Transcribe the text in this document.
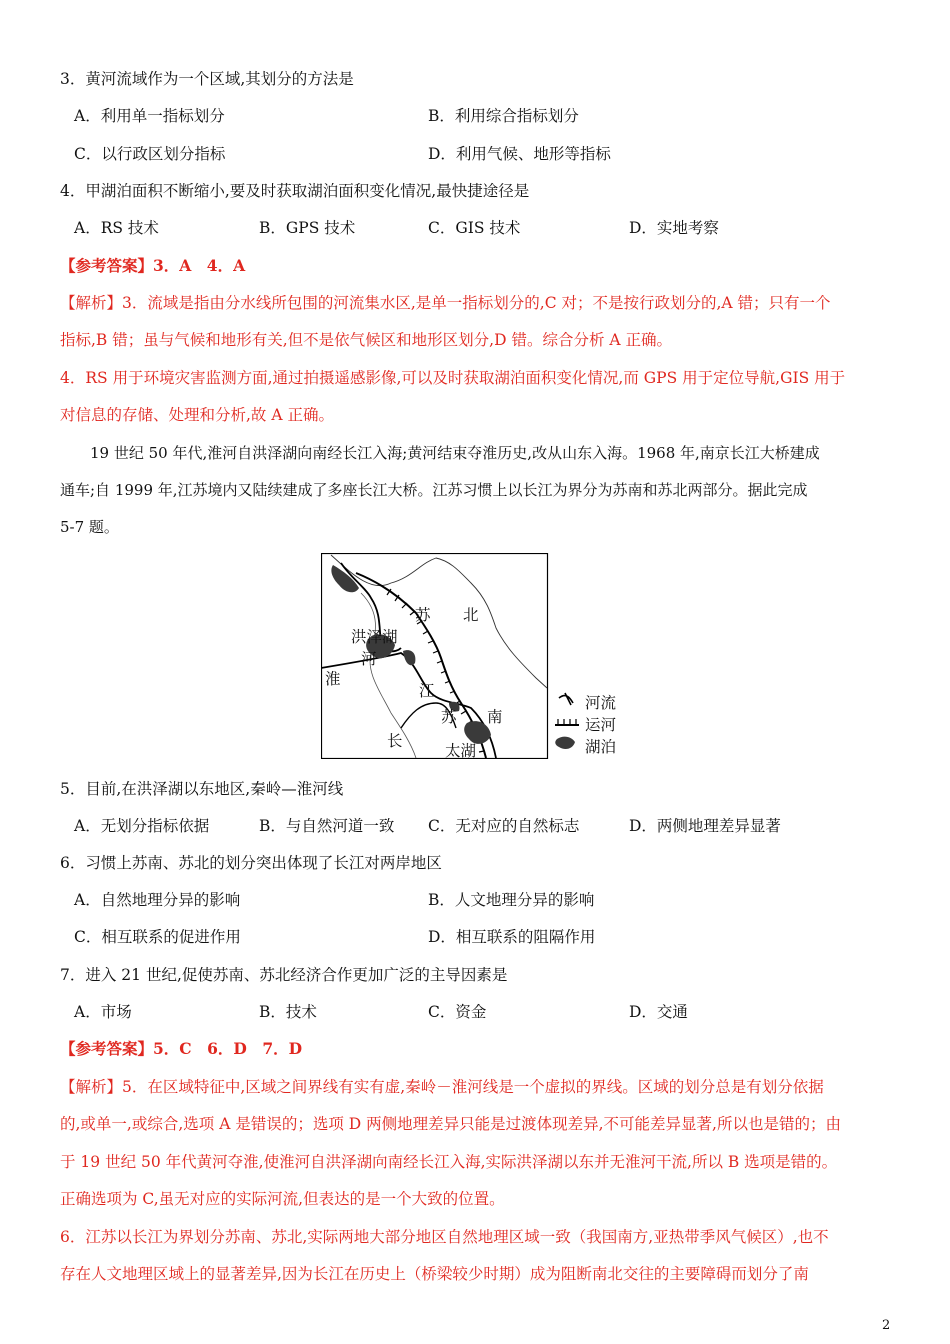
3．黄河流域作为一个区域,其划分的方法是
A．利用单一指标划分	B．利用综合指标划分
C．以行政区划分指标	D．利用气候、地形等指标
4．甲湖泊面积不断缩小,要及时获取湖泊面积变化情况,最快捷途径是
A．RS 技术	B．GPS 技术	C．GIS 技术	D．实地考察
【参考答案】3．A　4．A
【解析】3．流域是指由分水线所包围的河流集水区,是单一指标划分的,C 对；不是按行政划分的,A 错；只有一个
指标,B 错；虽与气候和地形有关,但不是依气候区和地形区划分,D 错。综合分析 A 正确。
4．RS 用于环境灾害监测方面,通过拍摄遥感影像,可以及时获取湖泊面积变化情况,而 GPS 用于定位导航,GIS 用于
对信息的存储、处理和分析,故 A 正确。
19 世纪 50 年代,淮河自洪泽湖向南经长江入海;黄河结束夺淮历史,改从山东入海。1968 年,南京长江大桥建成
通车;自 1999 年,江苏境内又陆续建成了多座长江大桥。江苏习惯上以长江为界分为苏南和苏北两部分。据此完成
5-7 题。
苏 北
洪泽湖
河
淮
江
苏 南
长
太湖
河流
运河
湖泊
5．目前,在洪泽湖以东地区,秦岭—淮河线
A．无划分指标依据	B．与自然河道一致 C．无对应的自然标志	D．两侧地理差异显著
6．习惯上苏南、苏北的划分突出体现了长江对两岸地区
A．自然地理分异的影响	B．人文地理分异的影响
C．相互联系的促进作用	D．相互联系的阻隔作用
7．进入 21 世纪,促使苏南、苏北经济合作更加广泛的主导因素是
A．市场	B．技术	C．资金	D．交通
【参考答案】5．C　6．D　7．D
【解析】5．在区域特征中,区域之间界线有实有虚,秦岭－淮河线是一个虚拟的界线。区域的划分总是有划分依据
的,或单一,或综合,选项 A 是错误的；选项 D 两侧地理差异只能是过渡体现差异,不可能差异显著,所以也是错的；由
于 19 世纪 50 年代黄河夺淮,使淮河自洪泽湖向南经长江入海,实际洪泽湖以东并无淮河干流,所以 B 选项是错的。
正确选项为 C,虽无对应的实际河流,但表达的是一个大致的位置。
6．江苏以长江为界划分苏南、苏北,实际两地大部分地区自然地理区域一致（我国南方,亚热带季风气候区）,也不
存在人文地理区域上的显著差异,因为长江在历史上（桥梁较少时期）成为阻断南北交往的主要障碍而划分了南
2
